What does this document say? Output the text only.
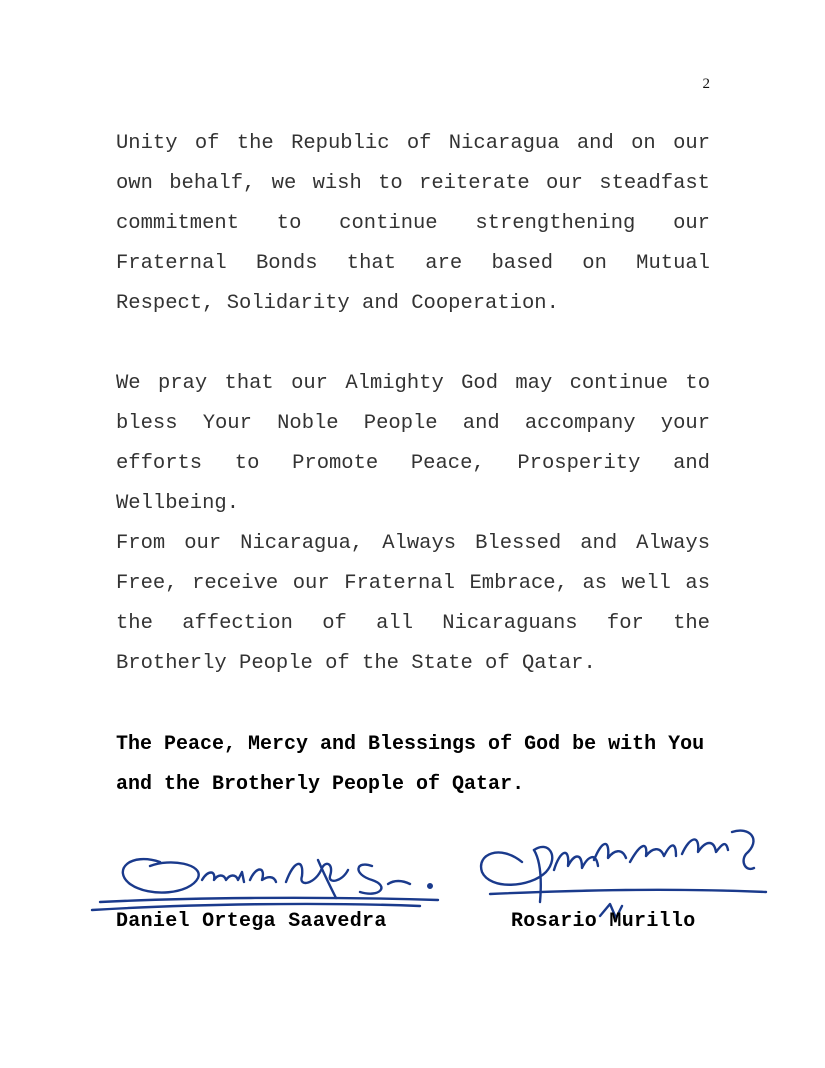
2

Unity of the Republic of Nicaragua and on our own behalf, we wish to reiterate our steadfast commitment to continue strengthening our Fraternal Bonds that are based on Mutual Respect, Solidarity and Cooperation.

We pray that our Almighty God may continue to bless Your Noble People and accompany your efforts to Promote Peace, Prosperity and Wellbeing.

From our Nicaragua, Always Blessed and Always Free, receive our Fraternal Embrace, as well as the affection of all Nicaraguans for the Brotherly People of the State of Qatar.

The Peace, Mercy and Blessings of God be with You and the Brotherly People of Qatar.

Daniel Ortega Saavedra	Rosario Murillo
